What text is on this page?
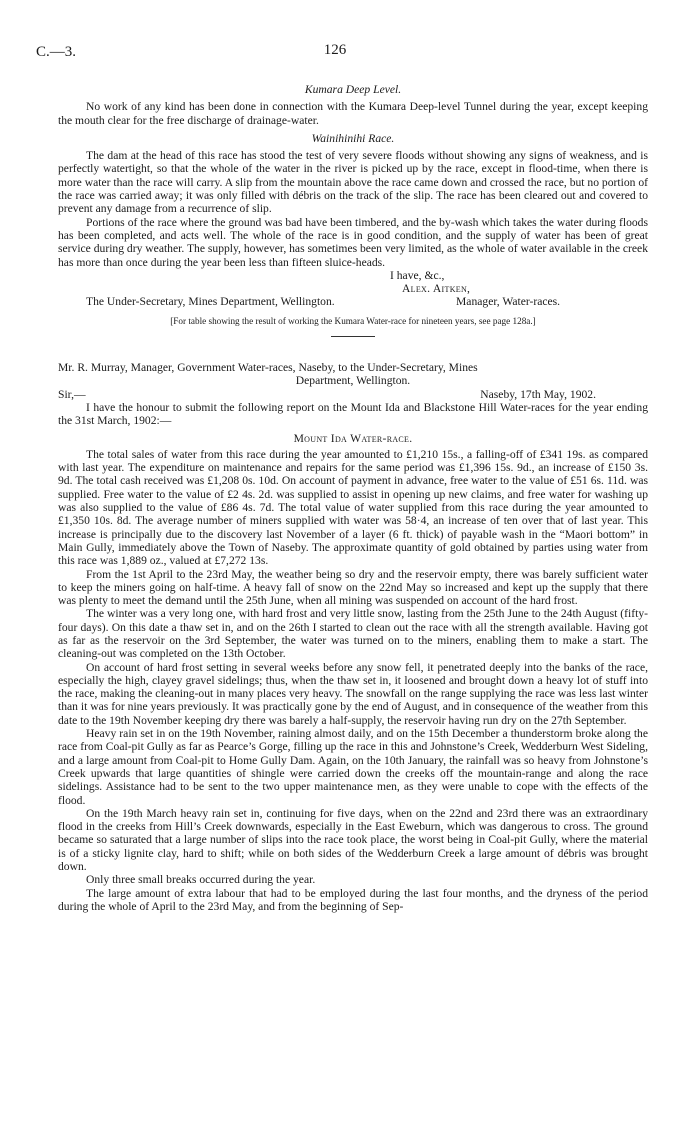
C.—3.	126

Kumara Deep Level.

No work of any kind has been done in connection with the Kumara Deep-level Tunnel during the year, except keeping the mouth clear for the free discharge of drainage-water.

Wainihinihi Race.

The dam at the head of this race has stood the test of very severe floods without showing any signs of weakness, and is perfectly watertight, so that the whole of the water in the river is picked up by the race, except in flood-time, when there is more water than the race will carry. A slip from the mountain above the race came down and crossed the race, but no portion of the race was carried away; it was only filled with débris on the track of the slip. The race has been cleared out and covered to prevent any damage from a recurrence of slip.

Portions of the race where the ground was bad have been timbered, and the by-wash which takes the water during floods has been completed, and acts well. The whole of the race is in good condition, and the supply of water has been of great service during dry weather. The supply, however, has sometimes been very limited, as the whole of water available in the creek has more than once during the year been less than fifteen sluice-heads.

I have, &c.,
Alex. Aitken,
The Under-Secretary, Mines Department, Wellington.	Manager, Water-races.

[For table showing the result of working the Kumara Water-race for nineteen years, see page 128a.]

Mr. R. Murray, Manager, Government Water-races, Naseby, to the Under-Secretary, Mines

Department, Wellington.

Sir,—	Naseby, 17th May, 1902.

I have the honour to submit the following report on the Mount Ida and Blackstone Hill Water-races for the year ending the 31st March, 1902:—

Mount Ida Water-race.

The total sales of water from this race during the year amounted to £1,210 15s., a falling-off of £341 19s. as compared with last year. The expenditure on maintenance and repairs for the same period was £1,396 15s. 9d., an increase of £150 3s. 9d. The total cash received was £1,208 0s. 10d. On account of payment in advance, free water to the value of £51 6s. 11d. was supplied. Free water to the value of £2 4s. 2d. was supplied to assist in opening up new claims, and free water for washing up was also supplied to the value of £86 4s. 7d. The total value of water supplied from this race during the year amounted to £1,350 10s. 8d. The average number of miners supplied with water was 58·4, an increase of ten over that of last year. This increase is principally due to the discovery last November of a layer (6 ft. thick) of payable wash in the “Maori bottom” in Main Gully, immediately above the Town of Naseby. The approximate quantity of gold obtained by parties using water from this race was 1,889 oz., valued at £7,272 13s.

From the 1st April to the 23rd May, the weather being so dry and the reservoir empty, there was barely sufficient water to keep the miners going on half-time. A heavy fall of snow on the 22nd May so increased and kept up the supply that there was plenty to meet the demand until the 25th June, when all mining was suspended on account of the hard frost.

The winter was a very long one, with hard frost and very little snow, lasting from the 25th June to the 24th August (fifty-four days). On this date a thaw set in, and on the 26th I started to clean out the race with all the strength available. Having got as far as the reservoir on the 3rd September, the water was turned on to the miners, enabling them to make a start. The cleaning-out was completed on the 13th October.

On account of hard frost setting in several weeks before any snow fell, it penetrated deeply into the banks of the race, especially the high, clayey gravel sidelings; thus, when the thaw set in, it loosened and brought down a heavy lot of stuff into the race, making the cleaning-out in many places very heavy. The snowfall on the range supplying the race was less last winter than it was for nine years previously. It was practically gone by the end of August, and in consequence of the weather from this date to the 19th November keeping dry there was barely a half-supply, the reservoir having run dry on the 27th September.

Heavy rain set in on the 19th November, raining almost daily, and on the 15th December a thunderstorm broke along the race from Coal-pit Gully as far as Pearce’s Gorge, filling up the race in this and Johnstone’s Creek, Wedderburn West Sideling, and a large amount from Coal-pit to Home Gully Dam. Again, on the 10th January, the rainfall was so heavy from Johnstone’s Creek upwards that large quantities of shingle were carried down the creeks off the mountain-range and along the race sidelings. Assistance had to be sent to the two upper maintenance men, as they were unable to cope with the effects of the flood.

On the 19th March heavy rain set in, continuing for five days, when on the 22nd and 23rd there was an extraordinary flood in the creeks from Hill’s Creek downwards, especially in the East Eweburn, which was dangerous to cross. The ground became so saturated that a large number of slips into the race took place, the worst being in Coal-pit Gully, where the material is of a sticky lignite clay, hard to shift; while on both sides of the Wedderburn Creek a large amount of débris was brought down.

Only three small breaks occurred during the year.

The large amount of extra labour that had to be employed during the last four months, and the dryness of the period during the whole of April to the 23rd May, and from the beginning of Sep-
